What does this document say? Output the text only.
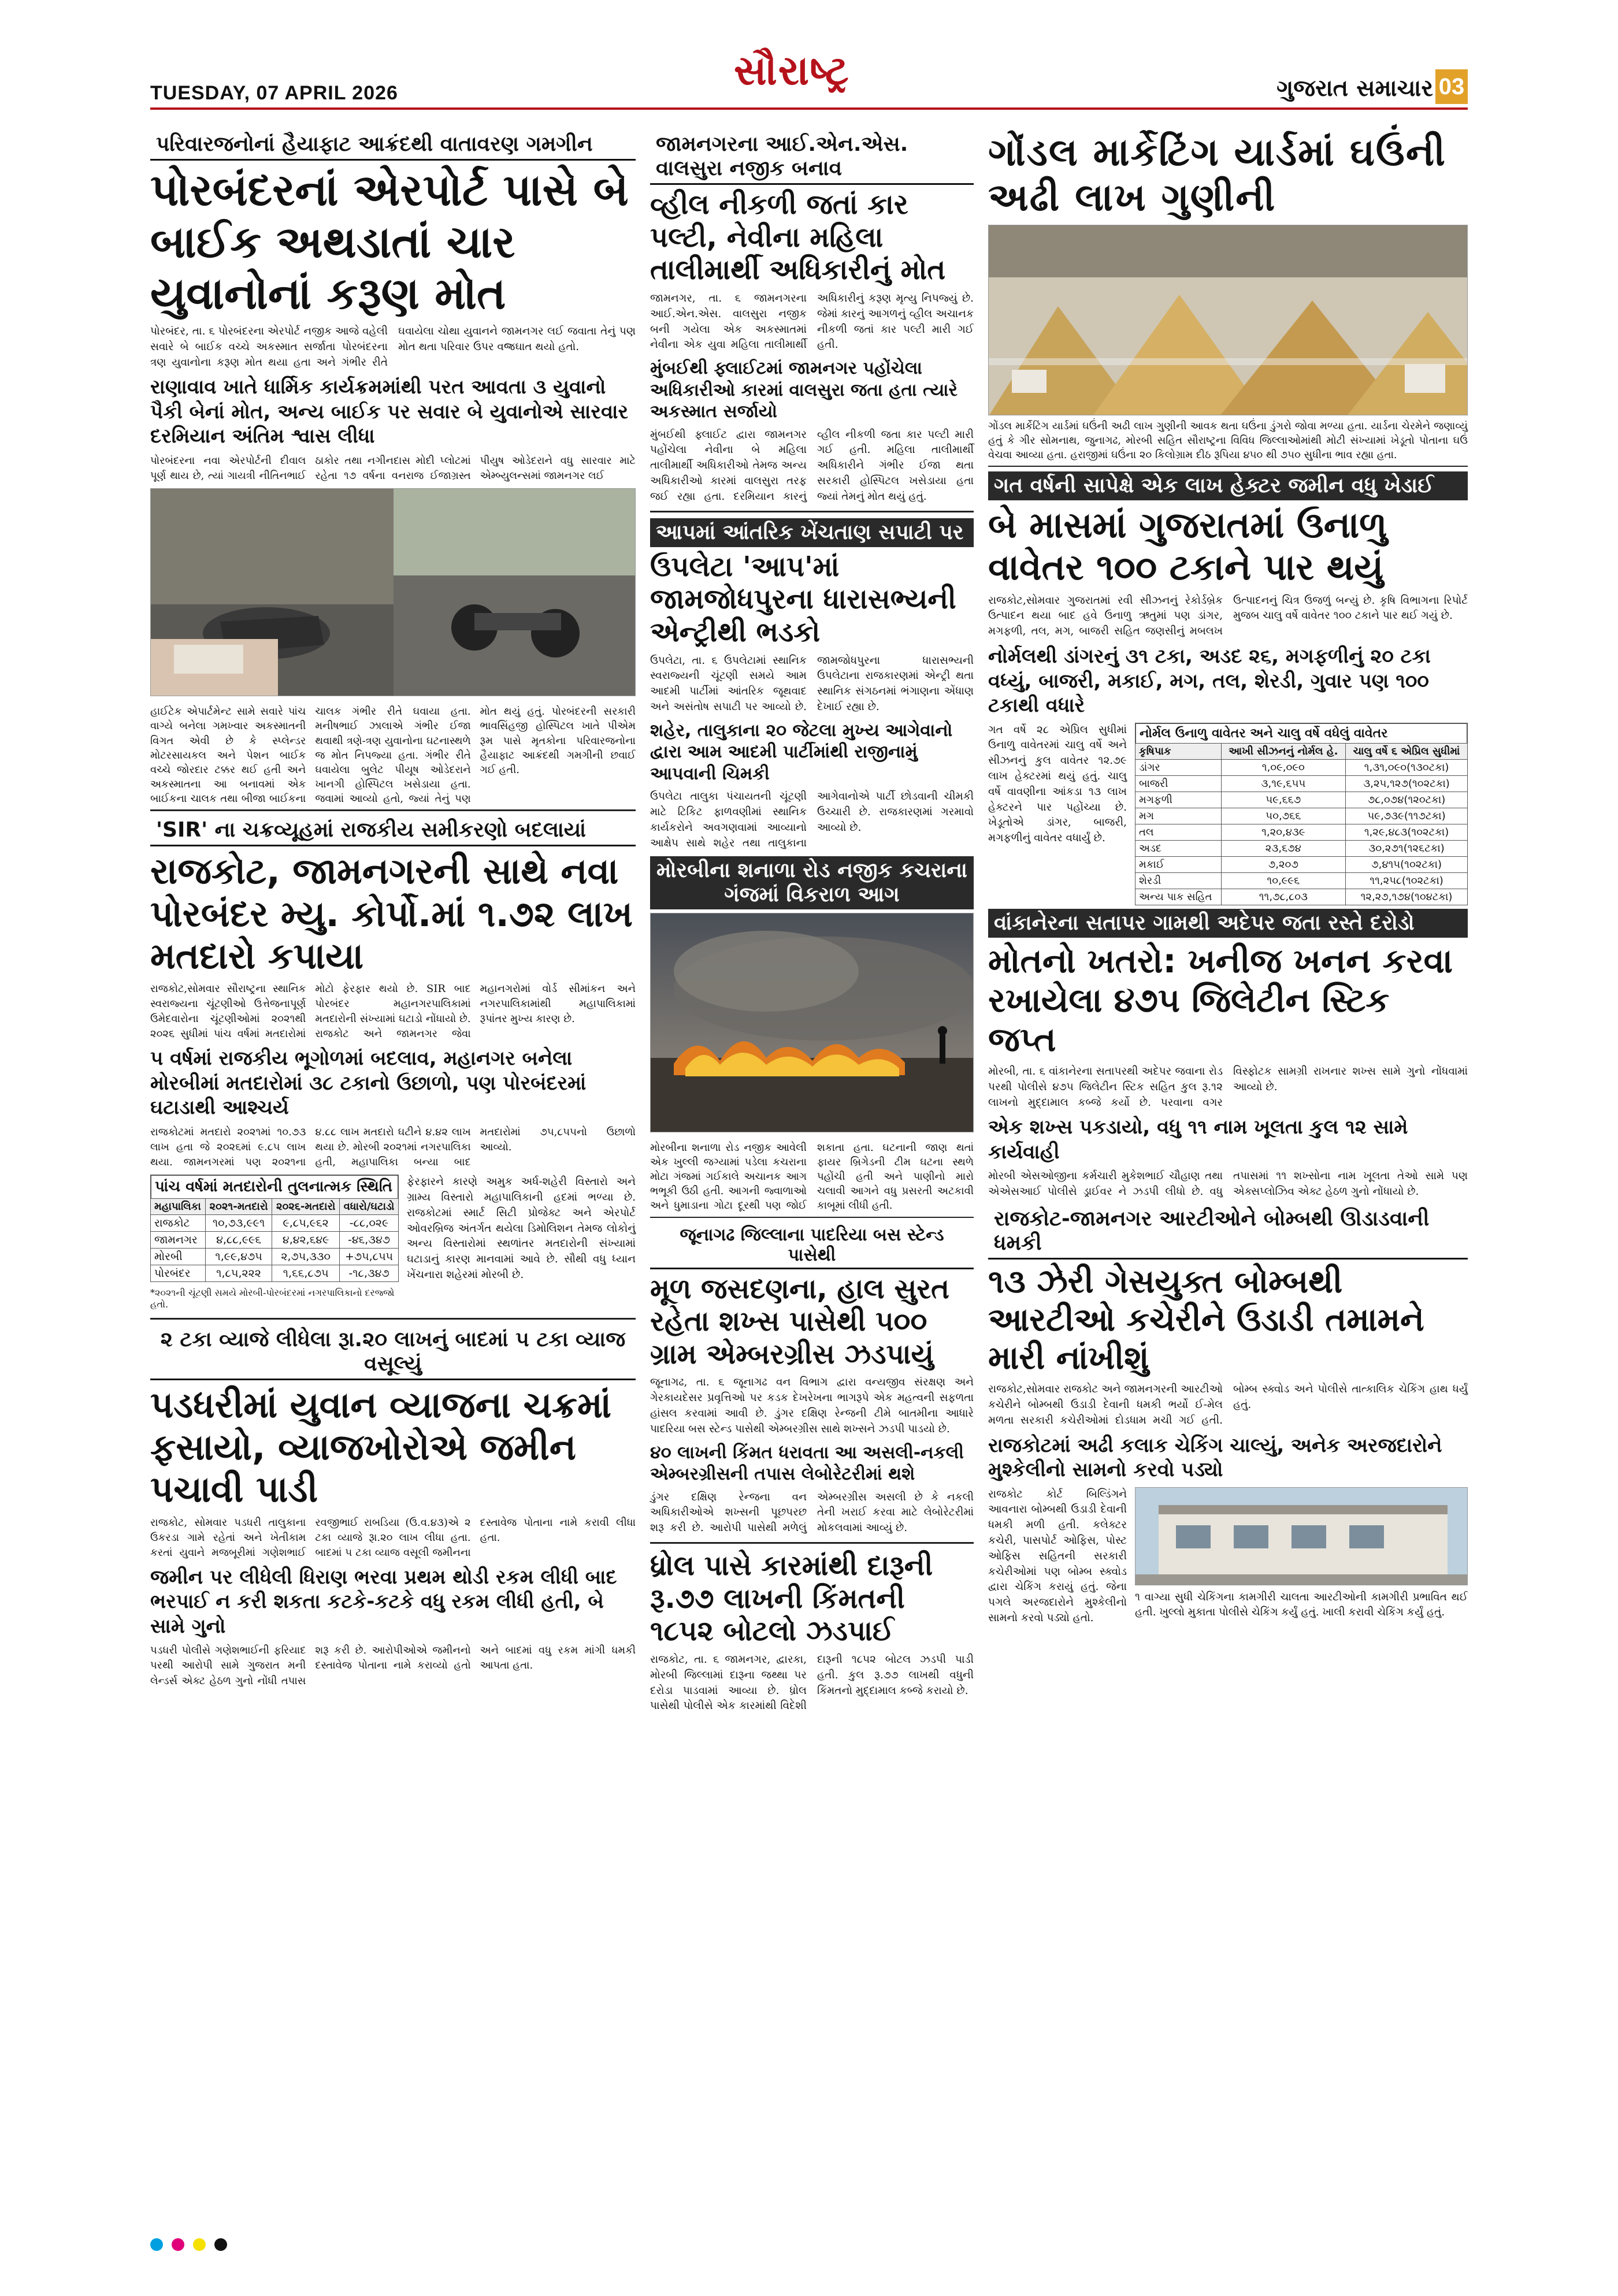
TUESDAY, 07 APRIL 2026	સૌરાષ્ટ્ર	ગુજરાત સમાચાર 03
પરિવારજનોનાં હૈયાફાટ આક્રંદથી વાતાવરણ ગમગીન
પોરબંદરનાં એરપોર્ટ પાસે બે બાઈક અથડાતાં ચાર યુવાનોનાં કરૂણ મોત
પોરબંદર, તા. ૬ પોરબંદરના એરપોર્ટ નજીક આજે વહેલી સવારે બે બાઈક વચ્ચે અકસ્માત સર્જાતા પોરબંદરના ત્રણ યુવાનોના કરૂણ મોત થયા હતા અને ગંભીર રીતે ઘવાયેલા ચોથા યુવાનને જામનગર લઈ જવાતા તેનું પણ મોત થતા પરિવાર ઉપર વજ્રઘાત થયો હતો.
રાણાવાવ ખાતે ધાર્મિક કાર્યક્રમમાંથી પરત આવતા ૩ યુવાનો પૈકી બેનાં મોત, અન્ય બાઈક પર સવાર બે યુવાનોએ સારવાર દરમિયાન અંતિમ શ્વાસ લીધા
પોરબંદરના નવા એરપોર્ટની દીવાલ પૂર્ણ થાય છે, ત્યાં ગાયત્રી નીતિનભાઈ ઠાકોર તથા નગીનદાસ મોદી પ્લોટમાં રહેતા ૧૭ વર્ષના વનરાજ ઈજાગ્રસ્ત પીયુષ ઓડેદરાને વધુ સારવાર માટે એમ્બ્યુલન્સમાં જામનગર લઈ
હાઈટેક એપાર્ટમેન્ટ સામે સવારે પાંચ વાગ્યે બનેલા ગમખ્વાર અકસ્માતની વિગત એવી છે કે સ્પ્લેન્ડર મોટરસાયકલ અને પેશન બાઈક વચ્ચે જોરદાર ટક્કર થઈ હતી અને અકસ્માતના આ બનાવમાં એક બાઈકના ચાલક તથા બીજા બાઈકના ચાલક ગંભીર રીતે ઘવાયા હતા. મનીષભાઈ ઝાલાએ ગંભીર ઈજા થવાથી ત્રણે-ત્રણ યુવાનોના ઘટનાસ્થળે જ મોત નિપજ્યા હતા. ગંભીર રીતે ઘવાયેલા બુલેટ પીયૂષ ઓડેદરાને ખાનગી હોસ્પિટલ ખસેડાયા હતા. જવામાં આવ્યો હતો, જ્યાં તેનું પણ મોત થયું હતું. પોરબંદરની સરકારી ભાવસિંહજી હોસ્પિટલ ખાતે પીએમ રૂમ પાસે મૃતકોના પરિવારજનોના હૈયાફાટ આક્રંદથી ગમગીની છવાઈ ગઈ હતી.
'SIR' ના ચક્રવ્યૂહમાં રાજકીય સમીકરણો બદલાયાં
રાજકોટ, જામનગરની સાથે નવા પોરબંદર મ્યુ. કોર્પો.માં ૧.૭૨ લાખ મતદારો કપાયા
રાજકોટ,સોમવાર સૌરાષ્ટ્રના સ્થાનિક સ્વરાજ્યના ચૂંટણીઓ ઉત્તેજનાપૂર્ણ ઉમેદવારોના ચૂંટણીઓમાં ૨૦૨૧થી ૨૦૨૬ સુધીમાં પાંચ વર્ષમાં મતદારોમાં મોટો ફેરફાર થયો છે. SIR બાદ પોરબંદર મહાનગરપાલિકામાં મતદારોની સંખ્યામાં ઘટાડો નોંધાયો છે. રાજકોટ અને જામનગર જેવા મહાનગરોમાં વોર્ડ સીમાંકન અને નગરપાલિકામાંથી મહાપાલિકામાં રૂપાંતર મુખ્ય કારણ છે.
૫ વર્ષમાં રાજકીય ભૂગોળમાં બદલાવ, મહાનગર બનેલા મોરબીમાં મતદારોમાં ૩૮ ટકાનો ઉછાળો, પણ પોરબંદરમાં ઘટાડાથી આશ્ચર્ય
રાજકોટમાં મતદારો ૨૦૨૧માં ૧૦.૭૩ લાખ હતા જે ૨૦૨૬માં ૯.૮૫ લાખ થયા. જામનગરમાં પણ ૨૦૨૧ના ૪.૮૮ લાખ મતદારો ઘટીને ૪.૪૨ લાખ થયા છે. મોરબી ૨૦૨૧માં નગરપાલિકા હતી, મહાપાલિકા બન્યા બાદ મતદારોમાં ૭૫,૮૫૫નો ઉછાળો આવ્યો.
પાંચ વર્ષમાં મતદારોની તુલનાત્મક સ્થિતિ
મહાપાલિકા	૨૦૨૧-મતદારો	૨૦૨૬-મતદારો	વધારો/ઘટાડો
રાજકોટ	૧૦,૭૩,૯૯૧	૯,૮૫,૯૬૨	-૮૮,૦૨૯
જામનગર	૪,૮૮,૯૯૬	૪,૪૨,૬૪૯	-૪૬,૩૪૭
મોરબી	૧,૯૯,૪૭૫	૨,૭૫,૩૩૦	+૭૫,૮૫૫
પોરબંદર	૧,૮૫,૨૨૨	૧,૬૬,૮૭૫	-૧૮,૩૪૭
*૨૦૨૧ની ચૂંટણી સમયે મોરબી-પોરબંદરમાં નગરપાલિકાનો દરજ્જો હતો.
ફેરફારને કારણે અમુક અર્ધ-શહેરી વિસ્તારો અને ગ્રામ્ય વિસ્તારો મહાપાલિકાની હદમાં ભળ્યા છે. રાજકોટમાં સ્માર્ટ સિટી પ્રોજેક્ટ અને એરપોર્ટ ઓવરબ્રિજ અંતર્ગત થયેલા ડિમોલિશન તેમજ લોકોનું અન્ય વિસ્તારોમાં સ્થળાંતર મતદારોની સંખ્યામાં ઘટાડાનું કારણ માનવામાં આવે છે. સૌથી વધુ ધ્યાન ખેંચનારા શહેરમાં મોરબી છે.
૨ ટકા વ્યાજે લીધેલા રૂા.૨૦ લાખનું બાદમાં ૫ ટકા વ્યાજ વસૂલ્યું
પડધરીમાં યુવાન વ્યાજના ચક્રમાં ફસાયો, વ્યાજખોરોએ જમીન પચાવી પાડી
રાજકોટ, સોમવાર પડધરી તાલુકાના ઉકરડા ગામે રહેતાં અને ખેતીકામ કરતાં યુવાને મજબૂરીમાં ગણેશભાઈ રવજીભાઈ રાબડિયા (ઉ.વ.૪૩)એ ૨ ટકા વ્યાજે રૂા.૨૦ લાખ લીધા હતા. બાદમાં ૫ ટકા વ્યાજ વસૂલી જમીનના દસ્તાવેજ પોતાના નામે કરાવી લીધા હતા.
જમીન પર લીધેલી ધિરાણ ભરવા પ્રથમ થોડી રકમ લીધી બાદ ભરપાઈ ન કરી શકતા કટકે-કટકે વધુ રકમ લીધી હતી, બે સામે ગુનો
પડધરી પોલીસે ગણેશભાઈની ફરિયાદ પરથી આરોપી સામે ગુજરાત મની લેન્ડર્સ એક્ટ હેઠળ ગુનો નોંધી તપાસ શરૂ કરી છે. આરોપીઓએ જમીનનો દસ્તાવેજ પોતાના નામે કરાવ્યો હતો અને બાદમાં વધુ રકમ માંગી ધમકી આપતા હતા.
જામનગરના આઈ.એન.એસ. વાલસુરા નજીક બનાવ
વ્હીલ નીકળી જતાં કાર પલ્ટી, નેવીના મહિલા તાલીમાર્થી અધિકારીનું મોત
જામનગર, તા. ૬ જામનગરના આઈ.એન.એસ. વાલસુરા નજીક બની ગયેલા એક અકસ્માતમાં નેવીના એક યુવા મહિલા તાલીમાર્થી અધિકારીનું કરૂણ મૃત્યુ નિપજ્યું છે. જેમાં કારનું આગળનું વ્હીલ અચાનક નીકળી જતાં કાર પલ્ટી મારી ગઈ હતી.
મુંબઈથી ફ્લાઈટમાં જામનગર પહોંચેલા અધિકારીઓ કારમાં વાલસુરા જતા હતા ત્યારે અકસ્માત સર્જાયો
મુંબઈથી ફ્લાઈટ દ્વારા જામનગર પહોંચેલા નેવીના બે મહિલા તાલીમાર્થી અધિકારીઓ તેમજ અન્ય અધિકારીઓ કારમાં વાલસુરા તરફ જઈ રહ્યા હતા. દરમિયાન કારનું વ્હીલ નીકળી જતા કાર પલ્ટી મારી ગઈ હતી. મહિલા તાલીમાર્થી અધિકારીને ગંભીર ઈજા થતા સરકારી હોસ્પિટલ ખસેડાયા હતા જ્યાં તેમનું મોત થયું હતું.
આપમાં આંતરિક ખેંચતાણ સપાટી પર
ઉપલેટા 'આપ'માં જામજોધપુરના ધારાસભ્યની એન્ટ્રીથી ભડકો
ઉપલેટા, તા. ૬ ઉપલેટામાં સ્થાનિક સ્વરાજ્યની ચૂંટણી સમયે આમ આદમી પાર્ટીમાં આંતરિક જૂથવાદ અને અસંતોષ સપાટી પર આવ્યો છે. જામજોધપુરના ધારાસભ્યની ઉપલેટાના રાજકારણમાં એન્ટ્રી થતા સ્થાનિક સંગઠનમાં ભંગાણના એંધાણ દેખાઈ રહ્યા છે.
શહેર, તાલુકાના ૨૦ જેટલા મુખ્ય આગેવાનો દ્વારા આમ આદમી પાર્ટીમાંથી રાજીનામું આપવાની ચિમકી
ઉપલેટા તાલુકા પંચાયતની ચૂંટણી માટે ટિકિટ ફાળવણીમાં સ્થાનિક કાર્યકરોને અવગણવામાં આવ્યાનો આક્ષેપ સાથે શહેર તથા તાલુકાના આગેવાનોએ પાર્ટી છોડવાની ચીમકી ઉચ્ચારી છે. રાજકારણમાં ગરમાવો આવ્યો છે.
મોરબીના શનાળા રોડ નજીક કચરાના ગંજમાં વિકરાળ આગ
મોરબીના શનાળા રોડ નજીક આવેલી એક ખુલ્લી જગ્યામાં પડેલા કચરાના મોટા ગંજમાં ગઈકાલે અચાનક આગ ભભૂકી ઉઠી હતી. આગની જ્વાળાઓ અને ધુમાડાના ગોટા દૂરથી પણ જોઈ શકાતા હતા. ઘટનાની જાણ થતાં ફાયર બ્રિગેડની ટીમ ઘટના સ્થળે પહોંચી હતી અને પાણીનો મારો ચલાવી આગને વધુ પ્રસરતી અટકાવી કાબૂમાં લીધી હતી.
જૂનાગઢ જિલ્લાના પાદરિયા બસ સ્ટેન્ડ પાસેથી
મૂળ જસદણના, હાલ સુરત રહેતા શખ્સ પાસેથી ૫૦૦ ગ્રામ એમ્બરગ્રીસ ઝડપાયું
જૂનાગઢ, તા. ૬ જૂનાગઢ વન વિભાગ દ્વારા વન્યજીવ સંરક્ષણ અને ગેરકાયદેસર પ્રવૃત્તિઓ પર કડક દેખરેખના ભાગરૂપે એક મહત્વની સફળતા હાંસલ કરવામાં આવી છે. ડુંગર દક્ષિણ રેન્જની ટીમે બાતમીના આધારે પાદરિયા બસ સ્ટેન્ડ પાસેથી એમ્બરગ્રીસ સાથે શખ્સને ઝડપી પાડયો છે.
૪૦ લાખની કિંમત ધરાવતા આ અસલી-નકલી એમ્બરગ્રીસની તપાસ લેબોરેટરીમાં થશે
ડુંગર દક્ષિણ રેન્જના વન અધિકારીઓએ શખ્સની પૂછપરછ શરૂ કરી છે. આરોપી પાસેથી મળેલું એમ્બરગ્રીસ અસલી છે કે નકલી તેની ખરાઈ કરવા માટે લેબોરેટરીમાં મોકલવામાં આવ્યું છે.
ધ્રોલ પાસે કારમાંથી દારૂની રૂ.૭૭ લાખની કિંમતની ૧૮૫૨ બોટલો ઝડપાઈ
રાજકોટ, તા. ૬ જામનગર, દ્વારકા, મોરબી જિલ્લામાં દારૂના જથ્થા પર દરોડા પાડવામાં આવ્યા છે. ધ્રોલ પાસેથી પોલીસે એક કારમાંથી વિદેશી દારૂની ૧૮૫૨ બોટલ ઝડપી પાડી હતી. કુલ રૂ.૭૭ લાખથી વધુની કિંમતનો મુદ્દામાલ કબ્જે કરાયો છે.
ગોંડલ માર્કેટિંગ યાર્ડમાં ઘઉંની અઢી લાખ ગુણીની
ગોંડલ માર્કેટિંગ યાર્ડમાં ઘઉંની અઢી લાખ ગુણીની આવક થતા ઘઉંના ડુંગરો જોવા મળ્યા હતા. યાર્ડના ચેરમેને જણાવ્યું હતું કે ગીર સોમનાથ, જુનાગઢ, મોરબી સહિત સૌરાષ્ટ્રના વિવિધ જિલ્લાઓમાંથી મોટી સંખ્યામાં ખેડૂતો પોતાના ઘઉં વેચવા આવ્યા હતા. હરાજીમાં ઘઉંના ૨૦ કિલોગ્રામ દીઠ રૂપિયા ૪૫૦ થી ૭૫૦ સુધીના ભાવ રહ્યા હતા.
ગત વર્ષની સાપેક્ષે એક લાખ હેક્ટર જમીન વધુ ખેડાઈ
બે માસમાં ગુજરાતમાં ઉનાળુ વાવેતર ૧૦૦ ટકાને પાર થયું
રાજકોટ,સોમવાર ગુજરાતમાં રવી સીઝનનું રેકોર્ડબ્રેક ઉત્પાદન થયા બાદ હવે ઉનાળુ ઋતુમાં પણ ડાંગર, મગફળી, તલ, મગ, બાજરી સહિત જણસીનું મબલખ ઉત્પાદનનું ચિત્ર ઉજળું બન્યું છે. કૃષિ વિભાગના રિપોર્ટ મુજબ ચાલુ વર્ષે વાવેતર ૧૦૦ ટકાને પાર થઈ ગયું છે.
નોર્મલથી ડાંગરનું ૩૧ ટકા, અડદ ૨૬, મગફળીનું ૨૦ ટકા વધ્યું, બાજરી, મકાઈ, મગ, તલ, શેરડી, ગુવાર પણ ૧૦૦ ટકાથી વધારે
ગત વર્ષે ૨૮ એપ્રિલ સુધીમાં ઉનાળુ વાવેતરમાં ચાલુ વર્ષે અને સીઝનનું કુલ વાવેતર ૧૨.૭૯ લાખ હેક્ટરમાં થયું હતું. ચાલુ વર્ષે વાવણીના આંકડા ૧૩ લાખ હેક્ટરને પાર પહોંચ્યા છે. ખેડૂતોએ ડાંગર, બાજરી, મગફળીનું વાવેતર વધાર્યું છે.
નોર્મલ ઉનાળુ વાવેતર અને ચાલુ વર્ષે વધેલું વાવેતર
કૃષિપાક	આખી સીઝનનું નોર્મલ હે.	ચાલુ વર્ષે ૬ એપ્રિલ સુધીમાં
ડાંગર	૧,૦૯,૦૯૦	૧,૩૧,૦૯૦(૧૩૦ટકા)
બાજરી	૩,૧૯,૬૫૫	૩,૨૫,૧૨૭(૧૦૨ટકા)
મગફળી	૫૯,૬૬૭	૭૮,૦૭૪(૧૨૦ટકા)
મગ	૫૦,૭૬૬	૫૯,૭૩૯(૧૧૭ટકા)
તલ	૧,૨૦,૪૩૯	૧,૨૯,૪૮૩(૧૦૨ટકા)
અડદ	૨૩,૬૭૪	૩૦,૨૭૧(૧૨૬ટકા)
મકાઈ	૭,૨૦૭	૭,૪૧૫(૧૦૨ટકા)
શેરડી	૧૦,૯૯૬	૧૧,૨૫૮(૧૦૨ટકા)
અન્ય પાક સહિત	૧૧,૭૮,૮૦૩	૧૨,૨૭,૧૭૪(૧૦૪ટકા)
વાંકાનેરના સતાપર ગામથી અદેપર જતા રસ્તે દરોડો
મોતનો ખતરો: ખનીજ ખનન કરવા રખાયેલા ૪૭૫ જિલેટીન સ્ટિક જપ્ત
મોરબી, તા. ૬ વાંકાનેરના સતાપરથી અદેપર જવાના રોડ પરથી પોલીસે ૪૭૫ જિલેટીન સ્ટિક સહિત કુલ રૂ.૧૨ લાખનો મુદ્દામાલ કબ્જે કર્યો છે. પરવાના વગર વિસ્ફોટક સામગ્રી રાખનાર શખ્સ સામે ગુનો નોંધવામાં આવ્યો છે.
એક શખ્સ પકડાયો, વધુ ૧૧ નામ ખૂલતા કુલ ૧૨ સામે કાર્યવાહી
મોરબી એસઓજીના કર્મચારી મુકેશભાઈ ચૌહાણ તથા એએસઆઈ પોલીસે ડ્રાઈવર ને ઝડપી લીધો છે. વધુ તપાસમાં ૧૧ શખ્સોના નામ ખૂલતા તેઓ સામે પણ એક્સપ્લોઝિવ એક્ટ હેઠળ ગુનો નોંધાયો છે.
રાજકોટ-જામનગર આરટીઓને બોમ્બથી ઊડાડવાની ધમકી
૧૩ ઝેરી ગેસયુક્ત બોમ્બથી આરટીઓ કચેરીને ઉડાડી તમામને મારી નાંખીશું
રાજકોટ,સોમવાર રાજકોટ અને જામનગરની આરટીઓ કચેરીને બોમ્બથી ઉડાડી દેવાની ધમકી ભર્યો ઈ-મેલ મળતા સરકારી કચેરીઓમાં દોડધામ મચી ગઈ હતી. બોમ્બ સ્ક્વોડ અને પોલીસે તાત્કાલિક ચેકિંગ હાથ ધર્યું હતું.
રાજકોટમાં અઢી કલાક ચેકિંગ ચાલ્યું, અનેક અરજદારોને મુશ્કેલીનો સામનો કરવો પડ્યો
રાજકોટ કોર્ટ બિલ્ડિંગને આવનારા બોમ્બથી ઉડાડી દેવાની ધમકી મળી હતી. કલેક્ટર કચેરી, પાસપોર્ટ ઓફિસ, પોસ્ટ ઓફિસ સહિતની સરકારી કચેરીઓમાં પણ બોમ્બ સ્ક્વોડ દ્વારા ચેકિંગ કરાયું હતું. જેના પગલે અરજદારોને મુશ્કેલીનો સામનો કરવો પડ્યો હતો.
૧ વાગ્યા સુધી ચેકિંગના કામગીરી ચાલતા આરટીઓની કામગીરી પ્રભાવિત થઈ હતી. ખુલ્લો મુકાતા પોલીસે ચેકિંગ કર્યું હતું. ખાલી કરાવી ચેકિંગ કર્યું હતું.
